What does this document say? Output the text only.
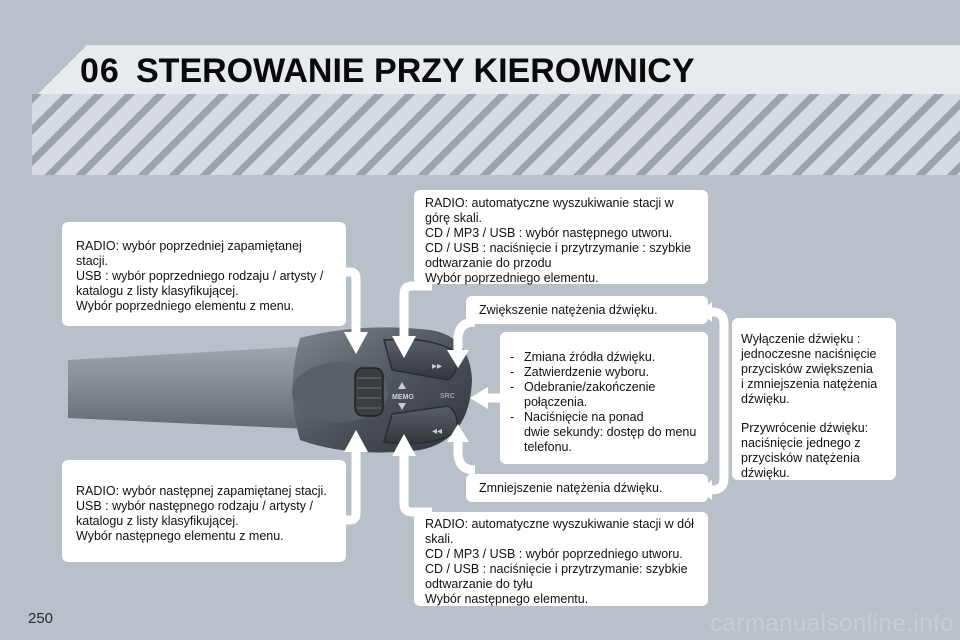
06 STEROWANIE PRZY KIEROWNICY
MEMO	SRC
▸▸
◂◂

RADIO: wybór poprzedniej zapamiętanej

stacji.

USB : wybór poprzedniego rodzaju / artysty /

katalogu z listy klasyfikującej.

Wybór poprzedniego elementu z menu.

RADIO: wybór następnej zapamiętanej stacji.

USB : wybór następnego rodzaju / artysty /

katalogu z listy klasyfikującej.

Wybór następnego elementu z menu.

RADIO: automatyczne wyszukiwanie stacji w

górę skali.

CD / MP3 / USB : wybór następnego utworu.

CD / USB : naciśnięcie i przytrzymanie : szybkie

odtwarzanie do przodu

Wybór poprzedniego elementu.

RADIO: automatyczne wyszukiwanie stacji w dół

skali.

CD / MP3 / USB : wybór poprzedniego utworu.

CD / USB : naciśnięcie i przytrzymanie: szybkie

odtwarzanie do tyłu

Wybór następnego elementu.

Zwiększenie natężenia dźwięku.

Zmniejszenie natężenia dźwięku.

- Zmiana źródła dźwięku.
- Zatwierdzenie wyboru.
- Odebranie/zakończenie
połączenia.
- Naciśnięcie na ponad
dwie sekundy: dostęp do menu
telefonu.

Wyłączenie dźwięku :

jednoczesne naciśnięcie

przycisków zwiększenia

i zmniejszenia natężenia

dźwięku.

Przywrócenie dźwięku:

naciśnięcie jednego z

przycisków natężenia

dźwięku.

250	carmanualsonline.info
